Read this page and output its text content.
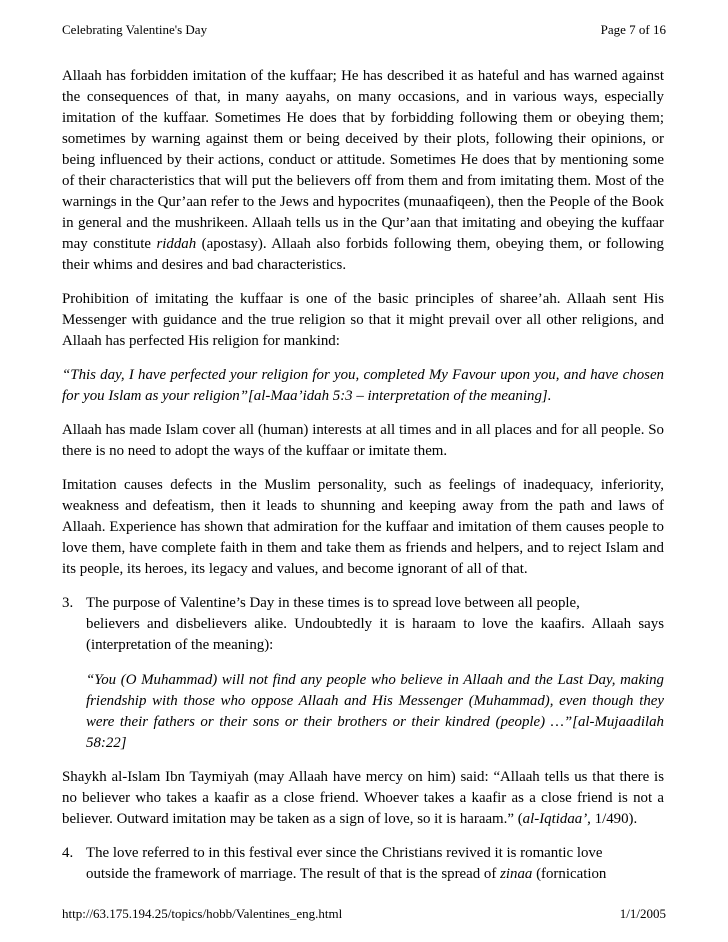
Celebrating Valentine's Day	Page 7 of 16

Allaah has forbidden imitation of the kuffaar; He has described it as hateful and has warned against the consequences of that, in many aayahs, on many occasions, and in various ways, especially imitation of the kuffaar. Sometimes He does that by forbidding following them or obeying them; sometimes by warning against them or being deceived by their plots, following their opinions, or being influenced by their actions, conduct or attitude. Sometimes He does that by mentioning some of their characteristics that will put the believers off from them and from imitating them. Most of the warnings in the Qur’aan refer to the Jews and hypocrites (munaafiqeen), then the People of the Book in general and the mushrikeen. Allaah tells us in the Qur’aan that imitating and obeying the kuffaar may constitute riddah (apostasy). Allaah also forbids following them, obeying them, or following their whims and desires and bad characteristics.

Prohibition of imitating the kuffaar is one of the basic principles of sharee’ah. Allaah sent His Messenger with guidance and the true religion so that it might prevail over all other religions, and Allaah has perfected His religion for mankind:

“This day, I have perfected your religion for you, completed My Favour upon you, and have chosen for you Islam as your religion”[al-Maa’idah 5:3 – interpretation of the meaning].

Allaah has made Islam cover all (human) interests at all times and in all places and for all people. So there is no need to adopt the ways of the kuffaar or imitate them.

Imitation causes defects in the Muslim personality, such as feelings of inadequacy, inferiority, weakness and defeatism, then it leads to shunning and keeping away from the path and laws of Allaah. Experience has shown that admiration for the kuffaar and imitation of them causes people to love them, have complete faith in them and take them as friends and helpers, and to reject Islam and its people, its heroes, its legacy and values, and become ignorant of all of that.

3. The purpose of Valentine’s Day in these times is to spread love between all people,

believers and disbelievers alike. Undoubtedly it is haraam to love the kaafirs. Allaah says (interpretation of the meaning):

“You (O Muhammad) will not find any people who believe in Allaah and the Last Day, making friendship with those who oppose Allaah and His Messenger (Muhammad), even though they were their fathers or their sons or their brothers or their kindred (people) …”[al-Mujaadilah 58:22]

Shaykh al-Islam Ibn Taymiyah (may Allaah have mercy on him) said: “Allaah tells us that there is no believer who takes a kaafir as a close friend. Whoever takes a kaafir as a close friend is not a believer. Outward imitation may be taken as a sign of love, so it is haraam.” (al-Iqtidaa’, 1/490).

4. The love referred to in this festival ever since the Christians revived it is romantic love

outside the framework of marriage. The result of that is the spread of zinaa (fornication

http://63.175.194.25/topics/hobb/Valentines_eng.html	1/1/2005
